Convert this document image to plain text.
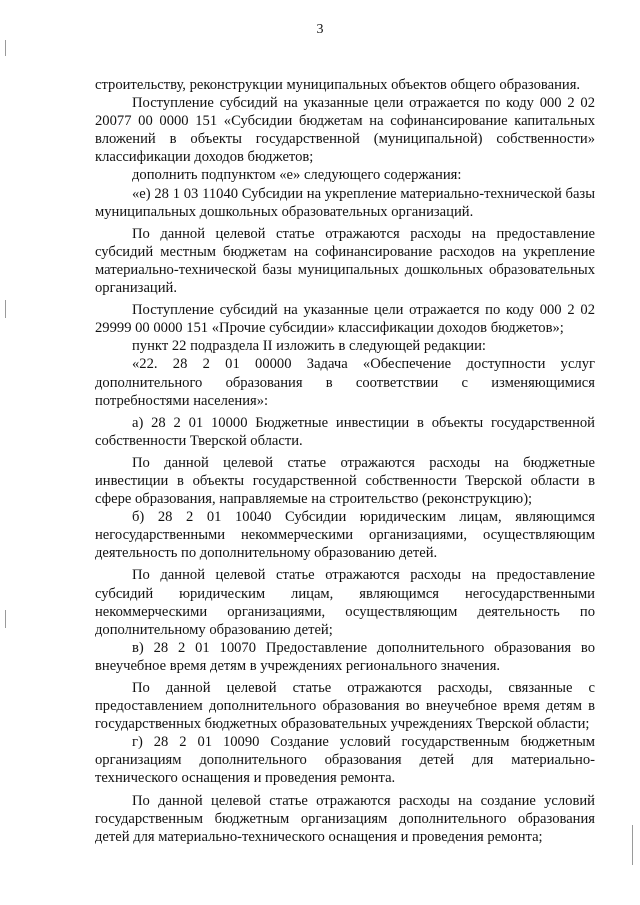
3

строительству, реконструкции муниципальных объектов общего образования.

Поступление субсидий на указанные цели отражается по коду 000 2 02 20077 00 0000 151 «Субсидии бюджетам на софинансирование капитальных вложений в объекты государственной (муниципальной) собственности» классификации доходов бюджетов;

дополнить подпунктом «е» следующего содержания:

«е) 28 1 03 11040 Субсидии на укрепление материально-технической базы муниципальных дошкольных образовательных организаций.

По данной целевой статье отражаются расходы на предоставление субсидий местным бюджетам на софинансирование расходов на укрепление материально-технической базы муниципальных дошкольных образовательных организаций.

Поступление субсидий на указанные цели отражается по коду 000 2 02 29999 00 0000 151 «Прочие субсидии» классификации доходов бюджетов»;

пункт 22 подраздела II изложить в следующей редакции:

«22. 28 2 01 00000 Задача «Обеспечение доступности услуг дополнительного образования в соответствии с изменяющимися потребностями населения»:

а) 28 2 01 10000 Бюджетные инвестиции в объекты государственной собственности Тверской области.

По данной целевой статье отражаются расходы на бюджетные инвестиции в объекты государственной собственности Тверской области в сфере образования, направляемые на строительство (реконструкцию);

б) 28 2 01 10040 Субсидии юридическим лицам, являющимся негосударственными некоммерческими организациями, осуществляющим деятельность по дополнительному образованию детей.

По данной целевой статье отражаются расходы на предоставление субсидий юридическим лицам, являющимся негосударственными некоммерческими организациями, осуществляющим деятельность по дополнительному образованию детей;

в) 28 2 01 10070 Предоставление дополнительного образования во внеучебное время детям в учреждениях регионального значения.

По данной целевой статье отражаются расходы, связанные с предоставлением дополнительного образования во внеучебное время детям в государственных бюджетных образовательных учреждениях Тверской области;

г) 28 2 01 10090 Создание условий государственным бюджетным организациям дополнительного образования детей для материально-технического оснащения и проведения ремонта.

По данной целевой статье отражаются расходы на создание условий государственным бюджетным организациям дополнительного образования детей для материально-технического оснащения и проведения ремонта;
